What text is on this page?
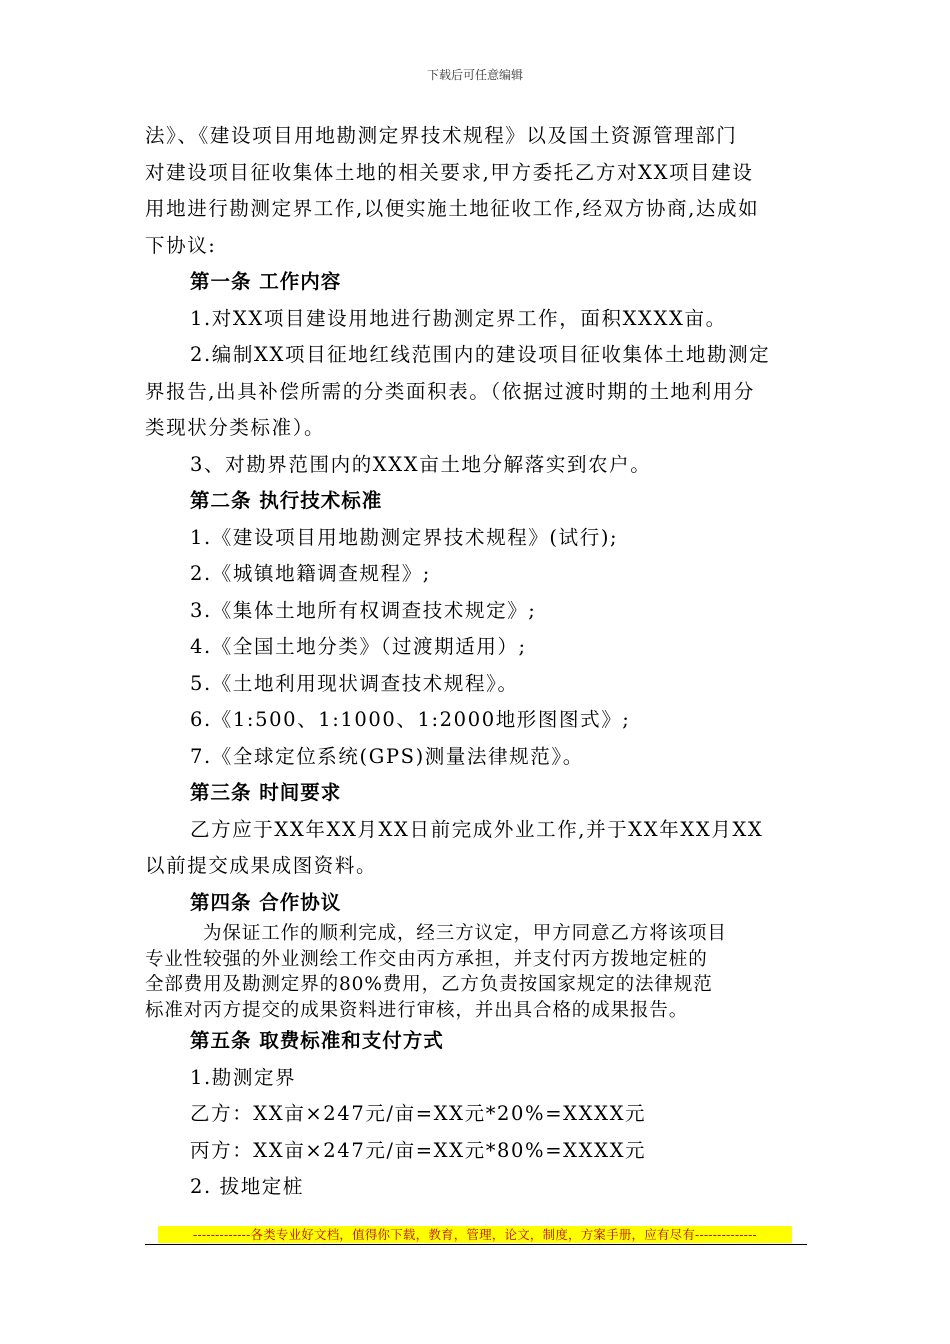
下载后可任意编辑
法》、《建设项目用地勘测定界技术规程》以及国土资源管理部门
对建设项目征收集体土地的相关要求,甲方委托乙方对XX项目建设
用地进行勘测定界工作,以便实施土地征收工作,经双方协商,达成如
下协议:
第一条 工作内容
1.对XX项目建设用地进行勘测定界工作，面积XXXX亩。
2.编制XX项目征地红线范围内的建设项目征收集体土地勘测定
界报告,出具补偿所需的分类面积表。（依据过渡时期的土地利用分
类现状分类标准）。
3、对勘界范围内的XXX亩土地分解落实到农户。
第二条 执行技术标准
1.《建设项目用地勘测定界技术规程》(试行);
2.《城镇地籍调查规程》;
3.《集体土地所有权调查技术规定》;
4.《全国土地分类》（过渡期适用）;
5.《土地利用现状调查技术规程》。
6.《1:500、1:1000、1:2000地形图图式》;
7.《全球定位系统(GPS)测量法律规范》。
第三条 时间要求
乙方应于XX年XX月XX日前完成外业工作,并于XX年XX月XX
以前提交成果成图资料。
第四条 合作协议
为保证工作的顺利完成，经三方议定，甲方同意乙方将该项目
专业性较强的外业测绘工作交由丙方承担，并支付丙方拨地定桩的
全部费用及勘测定界的80%费用，乙方负责按国家规定的法律规范
标准对丙方提交的成果资料进行审核，并出具合格的成果报告。
第五条 取费标准和支付方式
1.勘测定界
乙方：XX亩×247元/亩=XX元*20%=XXXX元
丙方：XX亩×247元/亩=XX元*80%=XXXX元
2. 拔地定桩
-------------各类专业好文档，值得你下载，教育，管理，论文，制度，方案手册，应有尽有--------------
